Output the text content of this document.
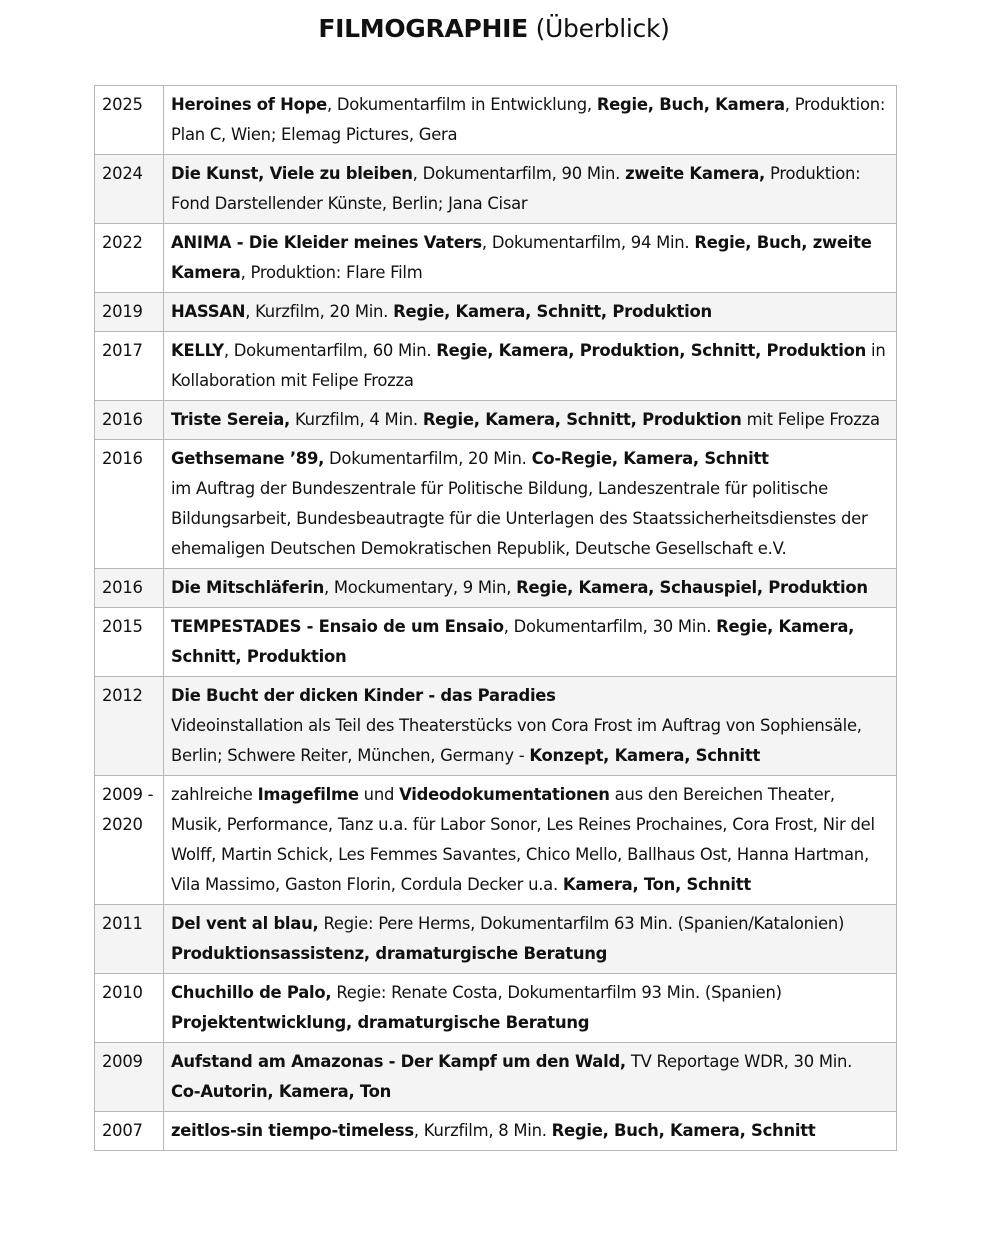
FILMOGRAPHIE (Überblick)
2025	Heroines of Hope, Dokumentarfilm in Entwicklung, Regie, Buch, Kamera, Produktion: Plan C, Wien; Elemag Pictures, Gera
2024	Die Kunst, Viele zu bleiben, Dokumentarfilm, 90 Min. zweite Kamera, Produktion: Fond Darstellender Künste, Berlin; Jana Cisar
2022	ANIMA - Die Kleider meines Vaters, Dokumentarfilm, 94 Min. Regie, Buch, zweite Kamera, Produktion: Flare Film
2019	HASSAN, Kurzfilm, 20 Min. Regie, Kamera, Schnitt, Produktion
2017	KELLY, Dokumentarfilm, 60 Min. Regie, Kamera, Produktion, Schnitt, Produktion in Kollaboration mit Felipe Frozza
2016	Triste Sereia, Kurzfilm, 4 Min. Regie, Kamera, Schnitt, Produktion mit Felipe Frozza
2016	Gethsemane ’89, Dokumentarfilm, 20 Min. Co-Regie, Kamera, Schnitt
im Auftrag der Bundeszentrale für Politische Bildung, Landeszentrale für politische Bildungsarbeit, Bundesbeautragte für die Unterlagen des Staatssicherheitsdienstes der ehemaligen Deutschen Demokratischen Republik, Deutsche Gesellschaft e.V.
2016	Die Mitschläferin, Mockumentary, 9 Min, Regie, Kamera, Schauspiel, Produktion
2015	TEMPESTADES - Ensaio de um Ensaio, Dokumentarfilm, 30 Min. Regie, Kamera, Schnitt, Produktion
2012	Die Bucht der dicken Kinder - das Paradies
Videoinstallation als Teil des Theaterstücks von Cora Frost im Auftrag von Sophiensäle, Berlin; Schwere Reiter, München, Germany - Konzept, Kamera, Schnitt
2009 - 2020	zahlreiche Imagefilme und Videodokumentationen aus den Bereichen Theater, Musik, Performance, Tanz u.a. für Labor Sonor, Les Reines Prochaines, Cora Frost, Nir del Wolff, Martin Schick, Les Femmes Savantes, Chico Mello, Ballhaus Ost, Hanna Hartman, Vila Massimo, Gaston Florin, Cordula Decker u.a. Kamera, Ton, Schnitt
2011	Del vent al blau, Regie: Pere Herms, Dokumentarfilm 63 Min. (Spanien/Katalonien)
Produktionsassistenz, dramaturgische Beratung
2010	Chuchillo de Palo, Regie: Renate Costa, Dokumentarfilm 93 Min. (Spanien)
Projektentwicklung, dramaturgische Beratung
2009	Aufstand am Amazonas - Der Kampf um den Wald, TV Reportage WDR, 30 Min. Co-Autorin, Kamera, Ton
2007	zeitlos-sin tiempo-timeless, Kurzfilm, 8 Min. Regie, Buch, Kamera, Schnitt
